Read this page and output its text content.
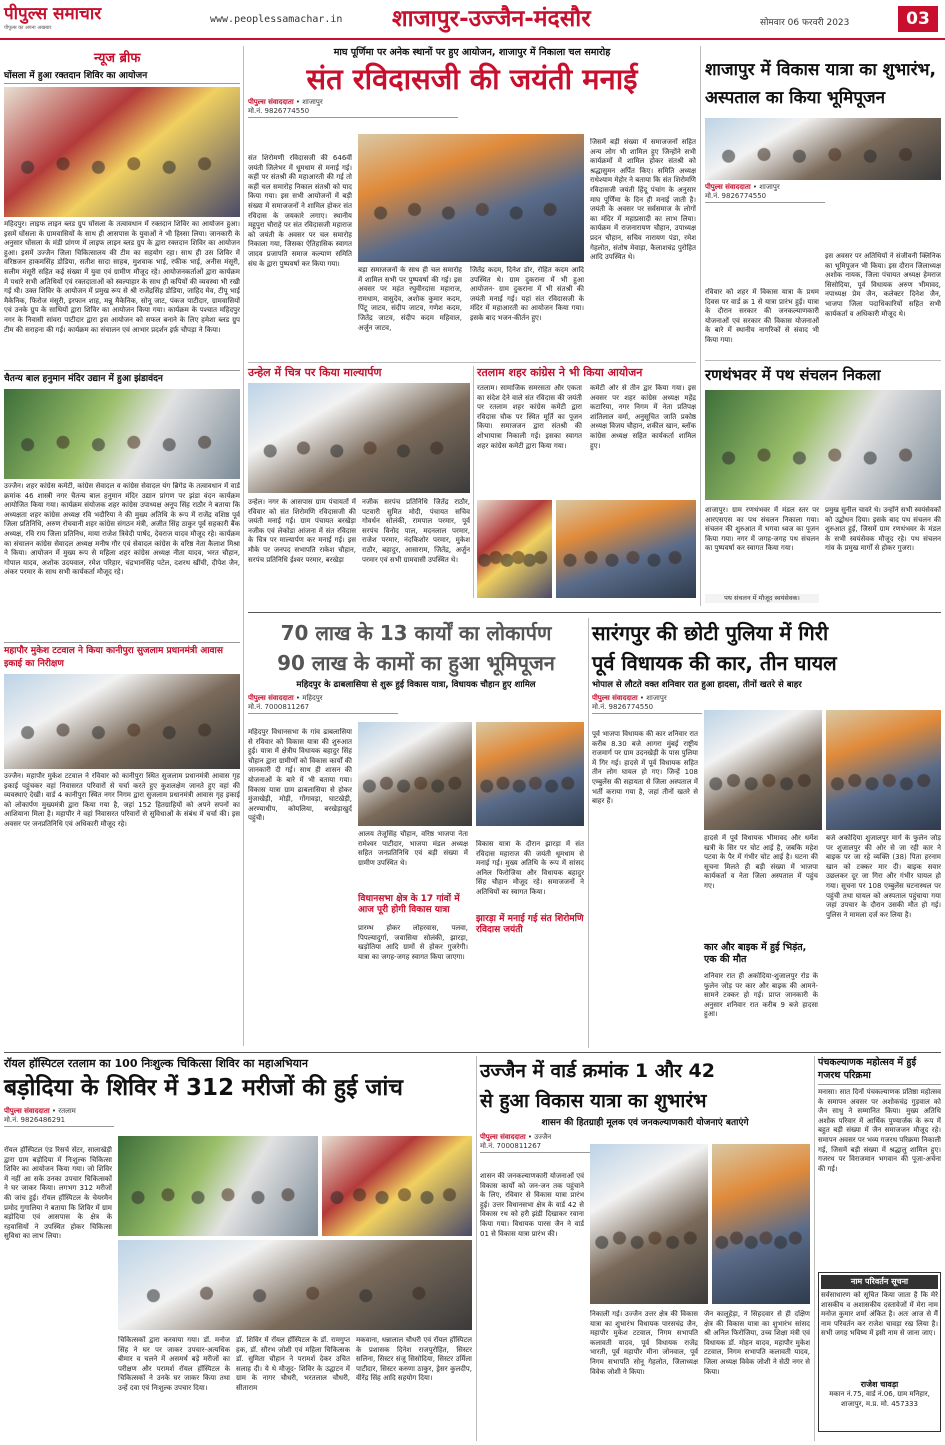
पीपुल्स समाचार
पीपुल्स का अपना अखबार
www.peoplessamachar.in शाजापुर-उज्जैन-मंदसौर	सोमवार 06 फरवरी 2023	03
न्यूज ब्रीफ
घोंसला में हुआ रक्तदान शिविर का आयोजन
महिदपुर। लाइफ लाइन ब्लड ग्रुप घोंसला के तत्वावधान में रक्तदान शिविर का आयोजन हुआ। इसमें घोंसला के ग्रामवासियों के साथ ही आसपास के युवाओं ने भी हिस्सा लिया। जानकारी के अनुसार घोंसला के मंडी प्रांगण में लाइफ लाइन ब्लड ग्रुप के द्वारा रक्तदान शिविर का आयोजन हुआ। इसमें उज्जैन जिला चिकित्सालय की टीम का सहयोग रहा। साथ ही उस शिविर में वरिष्ठजन हाकमसिंह डोडिया, सतीश सादा साहब, मुशवाक भाई, रफीक भाई, अनीस मंसूरी, सलीम मंसूरी सहित कई संख्या में युवा एवं ग्रामीण मौजूद रहे। आयोजनकर्ताओं द्वारा कार्यक्रम में पधारे सभी अतिथियों एवं रक्तदाताओं को स्वल्पाहार के साथ ही कपियों की व्यवस्था भी रखी गई थी। उक्त शिविर के आयोजन में प्रमुख रूप से श्री राजेंद्रसिंह डोडिया, जाहिद मेव, टीपू भाई मैकेनिक, फिरोज मंसूरी, इरफान शाह, मन्नू मैकेनिक, सोनू जाट, पंकज पाटीदार, ग्रामवासियों एवं उनके ग्रुप के साथियों द्वारा शिविर का आयोजन किया गया। कार्यक्रम के पश्चात महिदपुर नगर के निवासी सांवरा पाटीदार द्वारा इस आयोजन को सफल बनाने के लिए हमेशा ब्लड ग्रुप टीम की सराहना की गई। कार्यक्रम का संचालन एवं आभार प्रदर्शन इर्फ़ चौपड़ा ने किया।
चैतन्य बाल हनुमान मंदिर उद्यान में हुआ झंडावंदन
उज्जैन। शहर कांग्रेस कमेटी, कांग्रेस सेवादल व कांग्रेस सेवादल यंग ब्रिगेड के तत्वावधान में वार्ड क्रमांक 46 शास्त्री नगर चैतन्य बाल हनुमान मंदिर उद्यान प्रांगण पर झंडा वंदन कार्यक्रम आयोजित किया गया। कार्यक्रम संयोजक शहर कांग्रेस उपाध्यक्ष अनूप सिंह राठौर ने बताया कि अध्यक्षता शहर कांग्रेस अध्यक्ष रवि भदौरिया ने की मुख्य अतिथि के रूप में राजेंद्र वशिष्ठ पूर्व जिला प्रतिनिधि, अरुण रोचवानी शहर कांग्रेस संगठन मंत्री, अजीत सिंह ठाकुर पूर्व सहकारी बैंक अध्यक्ष, रवि राय जिला प्रतिनिध, माया राजेश त्रिवेदी पार्षद, देवराज यादव मौजूद रहे। कार्यक्रम का संचालन कांग्रेस सेवादल अध्यक्ष मनीष गौर एवं सेवादल कांग्रेस के वरिष्ठ नेता कैलाश मिश्रा ने किया। आयोजन में मुख्य रूप से महिला शहर कांग्रेस अध्यक्ष नीता यादव, भरत चौहान, गोपाल यादव, अशोक उदयवाल, रमेश परिहार, चंद्रभानसिंह पटेल, दशरथ खींची, दीपेश जैन, अंकर परमार के साथ सभी कार्यकर्ता मौजूद रहे।
महापौर मुकेश टटवाल ने किया कानीपुरा सुजलाम प्रधानमंत्री आवास इकाई का निरीक्षण
उज्जैन। महापौर मुकेश टटवाल ने रविवार को कानीपुरा स्थित सुजलाम प्रधानमंत्री आवास गृह इकाई पहुंचकर वहां निवासरत परिवारों से चर्चा करते हुए कुशलक्षेम जानते हुए वहां की व्यवस्थाएं देखी। वार्ड 4 कानीपुरा स्थित नगर निगम द्वारा सुजलाम प्रधानमंत्री आवास गृह इकाई को लोकार्पण मुख्यमंत्री द्वारा किया गया है, जहां 152 हितग्राहियों को अपने सपनों का आशियाना मिला है। महापौर ने वहां निवासरत परिवारों से सुविधाओं के संबंध में चर्चा की। इस अवसर पर जनप्रतिनिधि एवं अधिकारी मौजूद रहे।
माघ पूर्णिमा पर अनेक स्थानों पर हुए आयोजन, शाजापुर में निकाला चल समारोह
संत रविदासजी की जयंती मनाई
पीपुल्स संवाददाता • शाजापुर
मो.नं. 9826774550
संत शिरोमणी रविदासजी की 646वीं जयंती जिलेभर में धूमधाम से मनाई गई। कहीं पर संतश्री की महाआरती की गई तो कहीं चल समारोह निकाल संतश्री को याद किया गया। इस सभी आयोजनों में बड़ी संख्या में समाजजनों ने शामिल होकर संत रविदास के जयकारे लगाए। स्थानीय महूपुरा चौराहे पर संत रविदासजी महाराज को जयंती के अवसर पर चल समारोह निकाला गया, जिसका ऐतिहासिक स्वागत जादव प्रजापति समाज कल्याण समिति संघ के द्वारा पुष्पवर्षा कर किया गया।
बड़ा समाजजनों के साथ ही चल समारोह में शामिल सभी पर पुष्पवर्षा की गई। इस अवसर पर महंत रघुवीरदास महाराज, रामधाम, वासुदेव, अशोक कुमार कदम, पिंटू जाटव, संदीप जाटव, गणेश कदम, जितेंद्र जाटव, संदीप कदम महिवाल, अर्जुन जाटव,
जितेंद्र कदम, दिनेश डोर, रोहित कदम आदि उपस्थित थे। ग्राम दुकराना में भी हुआ आयोजन- ग्राम दुकराना में भी संतश्री की जयंती मनाई गई। यहां संत रविदासजी के मंदिर में महाआरती का आयोजन किया गया। इसके बाद भजन-कीर्तन हुए।
जिसमें बड़ी संख्या में समाजजनों सहित अन्य लोग भी शामिल हुए जिन्होंने सभी कार्यक्रमों में शामिल होकर संतश्री को श्रद्धासुमन अर्पित किए। समिति अध्यक्ष राधेश्याम मेहोर ने बताया कि संत शिरोमणि रविदासजी जयंती हिंदू पंचांग के अनुसार माघ पूर्णिमा के दिन ही मनाई जाती है। जयंती के अवसर पर सर्वसमाज के लोगों का मंदिर में महाप्रसादी का लाभ लिया। कार्यक्रम में राजनारायण चौहान, उपाध्यक्ष प्रदन चौहान, सचिव नारायण पंडा, रमेश गेहलोत, संतोष मेवाड़ा, कैलाशचंद्र पुरोहित आदि उपस्थित थे।
उन्हेल में चित्र पर किया माल्यार्पण
उन्हेल। नगर के आसपास ग्राम पंचायतों में रविवार को संत शिरोमणि रविदासजी की जयंती मनाई गई। ग्राम पंचायत बरखेड़ा नजीक एवं लेकोडा आंजना में संत रविदास के चित्र पर माल्यार्पण कर मनाई गई। इस मौके पर जनपद सभापति राकेश चौहान, सरपंच प्रतिनिधि ईश्वर परमार, बरखेड़ा
नजीक सरपंच प्रतिनिधि जितेंद्र राठौर, पटवारी सुमित मोदी, पंचायत सचिव गोवर्धन सोलंकी, रामपाल परमार, पूर्व सरपंच विनोद पाल, मदनलाल परमार, राजेश परमार, नंदकिशोर परमार, मुकेश राठौर, बहादुर, आसाराम, जितेंद्र, अर्जुन परमार एवं सभी ग्रामवासी उपस्थित थे।
रतलाम शहर कांग्रेस ने भी किया आयोजन
रतलाम। सामाजिक समरसता और एकता का संदेश देने वाले संत रविदास की जयंती पर रतलाम शहर कांग्रेस कमेटी द्वारा रविदास चौक पर स्थित मूर्ति का पूजन किया। समाजजन द्वारा संतश्री की शोभायात्रा निकाली गई। इसका स्वागत शहर कांग्रेस कमेटी द्वारा किया गया।
कमेटी ओर से तीन द्वार किया गया। इस अवसर पर शहर कांग्रेस अध्यक्ष महेंद्र कटारिया, नगर निगम में नेता प्रतिपक्ष शांतिलाल वर्मा, अनुसूचित जाति प्रकोष्ठ अध्यक्ष विजय चौहान, शकील खान, ब्लॉक कांग्रेस अध्यक्ष सहित कार्यकर्ता शामिल हुए।
शाजापुर में विकास यात्रा का शुभारंभ, अस्पताल का किया भूमिपूजन
पीपुल्स संवाददाता • शाजापुर
मो.नं. 9826774550
रविवार को शहर में विकास यात्रा के प्रथम दिवस पर वार्ड क्र 1 से यात्रा प्रारंभ हुई। यात्रा के दौरान सरकार की जनकल्याणकारी योजनाओं एवं सरकार की विकास योजनाओं के बारे में स्थानीय नागरिकों से संवाद भी किया गया।
इस अवसर पर अतिथियों ने संजीवनी क्लिनिक का भूमिपूजन भी किया। इस दौरान जिलाध्यक्ष अशोक नायक, जिला पंचायत अध्यक्ष हेमराज सिसोदिया, पूर्व विधायक अरुण भीमावद, नपाध्यक्ष प्रेम जैन, कलेक्टर दिनेश जैन, भाजपा जिला पदाधिकारियों सहित सभी कार्यकर्ता व अधिकारी मौजूद थे।
रणथंभवर में पथ संचलन निकला
शाजापुर। ग्राम रणथंभवर में मंडल स्तर पर आरएसएस का पथ संचलन निकाला गया। संचलन की शुरुआत में भगवा ध्वज का पूजन किया गया। नगर में जगह-जगह पथ संचलन का पुष्पवर्षा कर स्वागत किया गया।
प्रमुख सुनील चावरे थे। उन्होंने सभी स्वयंसेवकों को उद्बोधन दिया। इसके बाद पथ संचलन की शुरुआत हुई, जिसमें ग्राम रणथंभवर के मंडल के सभी स्वयंसेवक मौजूद रहे। पथ संचलन गांव के प्रमुख मार्गों से होकर गुजरा।
पथ संचलन में मौजूद स्वयंसेवक।
70 लाख के 13 कार्यों का लोकार्पण
90 लाख के कामों का हुआ भूमिपूजन
महिदपुर के ढाबलासिया से शुरू हुई विकास यात्रा, विधायक चौहान हुए शामिल
पीपुल्स संवाददाता • महिदपुर
मो.नं. 7000811267
महिदपुर विधानसभा के गांव ढाबलासिया से रविवार को विकास यात्रा की शुरुआत हुई। यात्रा में क्षेत्रीय विधायक बहादुर सिंह चौहान द्वारा ग्रामीणों को विकास कार्यों की जानकारी दी गई। साथ ही शासन की योजनाओं के बारे में भी बताया गया। विकास यात्रा ग्राम ढाबलासिया से होकर मुंजाखेड़ी, मोड़ी, गोंगावड़ा, घाटखेड़ी, अरण्याधीप, कोयलिया, बरखेड़ाखुर्द पहुंची।
आलय तेजूसिंह चौहान, वरिष्ठ भाजपा नेता रामेश्वर पाटीदार, भाजपा मंडल अध्यक्ष सहित जनप्रतिनिधि एवं बड़ी संख्या में ग्रामीण उपस्थित थे।
विधानसभा क्षेत्र के 17 गांवों में आज पूरी होगी विकास यात्रा
प्रारम्भ होकर लोहरवास, पलवा, पिपल्यादुर्गा, जवासिया सोलंकी, झारड़ा, खड़ोतिया आदि ग्रामों से होकर गुजरेगी। यात्रा का जगह-जगह स्वागत किया जाएगा।
झारड़ा में मनाई गई संत शिरोमणि रविदास जयंती
विकास यात्रा के दौरान झारड़ा में संत रविदास महाराज की जयंती धूमधाम से मनाई गई। मुख्य अतिथि के रूप में सांसद अनिल फिरोजिया और विधायक बहादुर सिंह चौहान मौजूद रहे। समाजजनों ने अतिथियों का स्वागत किया।
सारंगपुर की छोटी पुलिया में गिरी
पूर्व विधायक की कार, तीन घायल
भोपाल से लौटते वक्त शनिवार रात हुआ हादसा, तीनों खतरे से बाहर
पीपुल्स संवाददाता • शाजापुर
मो.नं. 9826774550
पूर्व भाजपा विधायक की कार शनिवार रात करीब 8.30 बजे आगरा मुंबई राष्ट्रीय राजमार्ग पर ग्राम उदनखेड़ी के पास पुलिया में गिर गई। हादसे में पूर्व विधायक सहित तीन लोग घायल हो गए। जिन्हें 108 एम्बुलेंस की सहायता से जिला अस्पताल में भर्ती कराया गया है, जहां तीनों खतरे से बाहर हैं।
हादसे में पूर्व विधायक भीमावद और धर्मेश खत्री के सिर पर चोट आई है, जबकि महेश पटवा के पैर में गंभीर चोट आई है। घटना की सूचना मिलते ही बड़ी संख्या में भाजपा कार्यकर्ता व नेता जिला अस्पताल में पहुंच गए।
कार और बाइक में हुई भिड़ंत, एक की मौत
शनिवार रात ही अकोदिया-शुजालपुर रोड के फुलेन जोड़ पर कार और बाइक की आमने-सामने टक्कर हो गई। प्राप्त जानकारी के अनुसार शनिवार रात करीब 9 बजे हादसा हुआ।
बजे अकोदिया शुजालपुर मार्ग के फुलेन जोड़ पर शुजालपुर की ओर से जा रही कार ने बाइक पर जा रहे व्यक्ति (38) पिता हरनाम खान को टक्कर मार दी। बाइक सवार उछलकर दूर जा गिरा और गंभीर घायल हो गया। सूचना पर 108 एम्बुलेंस घटनास्थल पर पहुंची तथा घायल को अस्पताल पहुंचाया गया जहां उपचार के दौरान उसकी मौत हो गई। पुलिस ने मामला दर्ज कर लिया है।
रॉयल हॉस्पिटल रतलाम का 100 निःशुल्क चिकित्सा शिविर का महाअभियान
बड़ोदिया के शिविर में 312 मरीजों की हुई जांच
पीपुल्स संवाददाता • रतलाम
मो.नं. 9826486291
रॉयल हॉस्पिटल एंड रिसर्च सेंटर, सालाखेड़ी द्वारा ग्राम बड़ोदिया में निःशुल्क चिकित्सा शिविर का आयोजन किया गया। जो शिविर में नहीं आ सके उनका उपचार चिकित्सकों ने घर जाकर किया। लगभग 312 मरीजों की जांच हुई। रॉयल हॉस्पिटल के चेयरमैन प्रमोद गुगालिया ने बताया कि शिविर में ग्राम बड़ोदिया एवं आसपास के क्षेत्र के रहवासियों ने उपस्थित होकर चिकित्सा सुविधा का लाभ लिया।
चिकित्सकों द्वारा करवाया गया। डॉ. मनोज सिंह ने घर पर जाकर उपचार-अत्यधिक बीमार व चलने में असमर्थ बड़े मरीजों का परीक्षण और परामर्श रॉयल हॉस्पिटल के चिकित्सकों ने उनके घर जाकर किया तथा उन्हें दवा एवं निःशुल्क उपचार दिया।
डॉ. शिविर में रॉयल हॉस्पिटल के डॉ. रामगुप्त हक, डॉ. सौरभ जोशी एवं महिला चिकित्सक डॉ. सुमिता चौहान ने परामर्श देकर उचित सलाह दी। ये थे मौजूद- शिविर के उद्घाटन में ग्राम के नागर चौधरी, भरतलाल चौधरी, सीताराम
मकवाना, धन्नालाल चौधरी एवं रॉयल हॉस्पिटल के प्रशासक दिनेश राजपुरोहित, सिस्टर सलिना, सिस्टर संजू सिसोदिया, सिस्टर उर्मिला पाटीदार, सिस्टर करुणा ठाकुर, ड्रेसर कुलदीप, वीरेंद्र सिंह आदि सहयोग दिया।
उज्जैन में वार्ड क्रमांक 1 और 42
से हुआ विकास यात्रा का शुभारंभ
शासन की हितग्राही मूलक एवं जनकल्याणकारी योजनाएं बताएंगे
पीपुल्स संवाददाता • उज्जैन
मो.नं. 7000811267
शासन की जनकल्याणकारी योजनाओं एवं विकास कार्यों को जन-जन तक पहुंचाने के लिए, रविवार से विकास यात्रा प्रारंभ हुई। उत्तर विधानसभा क्षेत्र के वार्ड 42 से विकास रथ को हरी झंडी दिखाकर रवाना किया गया। विधायक पारस जैन ने वार्ड 01 से विकास यात्रा प्रारंभ की।
निकाली गई। उज्जैन उत्तर क्षेत्र की विकास यात्रा का शुभारंभ विधायक पारसचंद्र जैन, महापौर मुकेश टटवाल, निगम सभापति कलावती यादव, पूर्व विधायक राजेंद्र भारती, पूर्व महापौर मीना जोनवाल, पूर्व निगम सभापति सोनू गेहलोत, जिलाध्यक्ष विवेक जोशी ने किया।
जैन कालूहेड़ा, ने सिहदवार से ही दक्षिण क्षेत्र की विकास यात्रा का शुभारंभ सांसद श्री अनिल फिरोजिया, उच्च शिक्षा मंत्री एवं विधायक डॉ. मोहन यादव, महापौर मुकेश टटवाल, निगम सभापति कलावती यादव, जिला अध्यक्ष विवेक जोशी ने सेठी नगर से किया।
पंचकल्याणक महोत्सव में हुई गजरथ परिक्रमा
मनासा। सात दिनों पंचकल्याणक प्रतिष्ठा महोत्सव के समापन अवसर पर अशोकचंद्र गुड़वाल को जैन साधु ने सम्मानित किया। मुख्य अतिथि अशोक परिवार में आर्थिक पुण्यार्जक के रूप में बहुत बड़ी संख्या में जैन समाजजन मौजूद रहे। समापन अवसर पर भव्य गजरथ परिक्रमा निकाली गई, जिसमें बड़ी संख्या में श्रद्धालु शामिल हुए। गजरथ पर विराजमान भगवान की पूजा-अर्चना की गई।
नाम परिवर्तन सूचना
सर्वसाधारण को सूचित किया जाता है कि मेरे शासकीय व अशासकीय दस्तावेजों में मेरा नाम मनोज कुमार शर्मा अंकित है। अतः आज से मैं नाम परिवर्तन कर राजेश चावड़ा रख लिया है। सभी जगह भविष्य में इसी नाम से जाना जाए।
राजेश चावड़ा
मकान नं.75, वार्ड नं.06, ग्राम मनिहार, शाजापुर, म.प्र. मो. 457333
